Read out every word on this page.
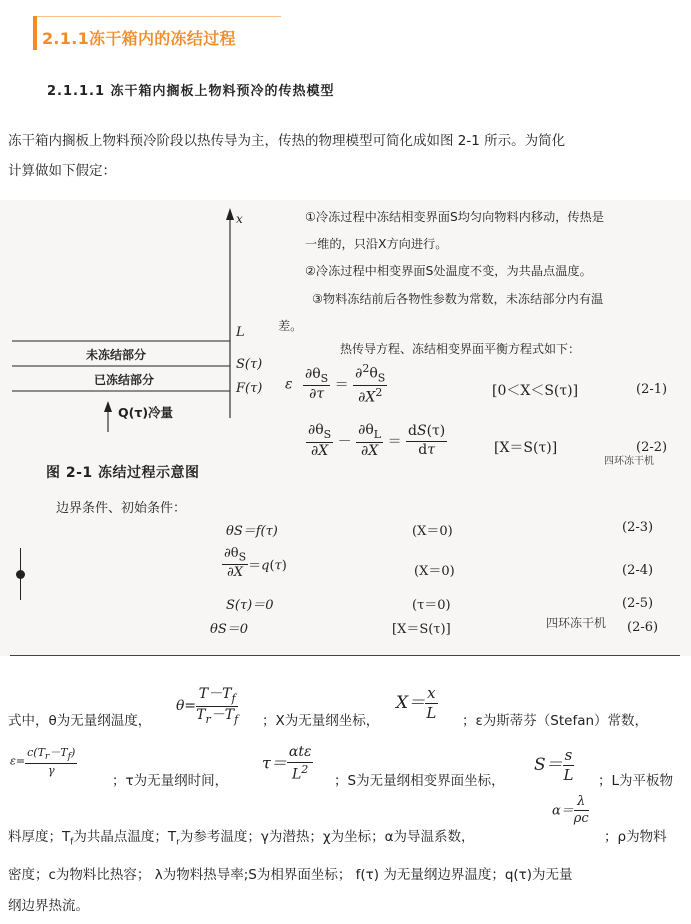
2.1.1冻干箱内的冻结过程
2.1.1.1 冻干箱内搁板上物料预冷的传热模型
冻干箱内搁板上物料预冷阶段以热传导为主，传热的物理模型可简化成如图 2-1 所示。为简化
计算做如下假定：
x
L
S(τ)
F(τ)
未冻结部分
已冻结部分
Q(τ)冷量
图 2-1 冻结过程示意图
①冷冻过程中冻结相变界面S均匀向物料内移动，传热是
一维的，只沿X方向进行。
②冷冻过程中相变界面S处温度不变，为共晶点温度。
③物料冻结前后各物性参数为常数，未冻结部分内有温
差。
热传导方程、冻结相变界面平衡方程式如下：
ε $\frac{\partial\theta_S}{\partial\tau} = \frac{\partial^2\theta_S}{\partial X^2}$	[0＜X＜S(τ)]	(2-1)
$\frac{\partial\theta_S}{\partial X} - \frac{\partial\theta_L}{\partial X} = \frac{dS(\tau)}{d\tau}$	[X＝S(τ)]	(2-2)
四环冻干机
边界条件、初始条件：
θS＝f(τ)	(X＝0)	(2-3)
$\frac{\partial\theta_S}{\partial X} =q(\tau)$	(X＝0)	(2-4)
S(τ)＝0	(τ＝0)	(2-5)
θS＝0	[X＝S(τ)]	四环冻干机 (2-6)
式中，θ为无量纲温度，
$\theta= \frac{T-T_f}{T_r-T_f}$ ；X为无量纲坐标，
$X= \frac{x}{L}$ ；ε为斯蒂芬（Stefan）常数，
$\varepsilon= \frac{c(T_r-T_f)}{\gamma}$
；τ为无量纲时间，
$\tau= \frac{\text{αtε}}{L^2}$ ；S为无量纲相变界面坐标，
$S= \frac{s}{L}$ ；L为平板物
料厚度；$T_f$为共晶点温度；$T_r$为参考温度；γ为潜热；χ为坐标；α为导温系数，
$\alpha= \frac{\lambda}{\rho c}$
；ρ为物料
密度；c为物料比热容； λ为物料热导率;S为相界面坐标； f(τ) 为无量纲边界温度；q(τ)为无量
纲边界热流。
